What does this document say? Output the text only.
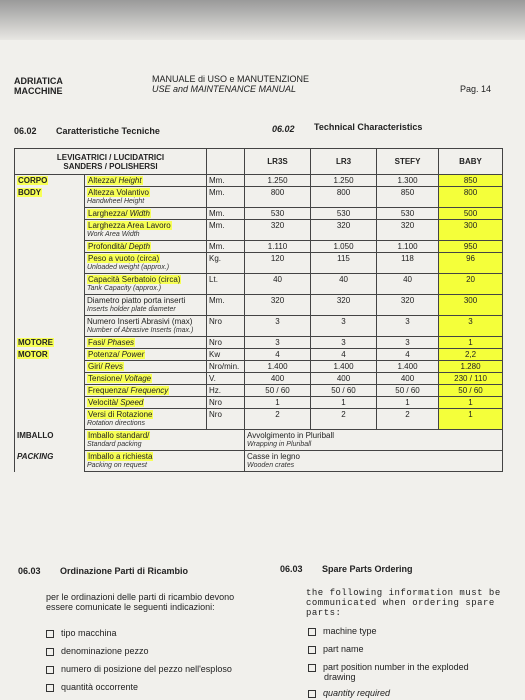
ADRIATICA
MACCHINE
MANUALE di USO e MANUTENZIONE
USE and MAINTENANCE MANUAL	Pag. 14
06.02 Caratteristiche Tecniche	06.02 Technical Characteristics
LEVIGATRICI / LUCIDATRICI
SANDERS / POLISHERSI			LR3S	LR3	STEFY	BABY
CORPO	Altezza/ Height	Mm.	1.250	1.250	1.300	850
BODY	Altezza Volantivo
Handwheel Height	Mm.	800	800	850	800
	Larghezza/ Width	Mm.	530	530	530	500
	Larghezza Area Lavoro
Work Area Width	Mm.	320	320	320	300
	Profondità/ Depth	Mm.	1.110	1.050	1.100	950
	Peso a vuoto (circa)
Unloaded weight (approx.)	Kg.	120	115	118	96
	Capacità Serbatoio (circa)
Tank Capacity (approx.)	Lt.	40	40	40	20
	Diametro piatto porta inserti
Inserts holder plate diameter	Mm.	320	320	320	300
	Numero Inserti Abrasivi (max)
Number of Abrasive Inserts (max.)	Nro	3	3	3	3
MOTORE	Fasi/ Phases	Nro	3	3	3	1
MOTOR	Potenza/ Power	Kw	4	4	4	2,2
	Giri/ Revs	Nro/min.	1.400	1.400	1.400	1.280
	Tensione/ Voltage	V.	400	400	400	230 / 110
	Frequenza/ Frequency	Hz.	50 / 60	50 / 60	50 / 60	50 / 60
	Velocità/ Speed	Nro	1	1	1	1
	Versi di Rotazione
Rotation directions	Nro	2	2	2	1
IMBALLO	Imballo standard/
Standard packing		Avvolgimento in Pluriball
Wrapping in Pluriball			

PACKING	Imballo a richiesta
Packing on request		Casse in legno
Wooden crates			
06.03 Ordinazione Parti di Ricambio	06.03 Spare Parts Ordering
per le ordinazioni delle parti di ricambio devono
essere comunicate le seguenti indicazioni:
the following information must be
communicated when ordering spare parts:
tipo macchina
denominazione pezzo
numero di posizione del pezzo nell'esploso
quantità occorrente
machine type
part name
part position number in the exploded
drawing
quantity required
